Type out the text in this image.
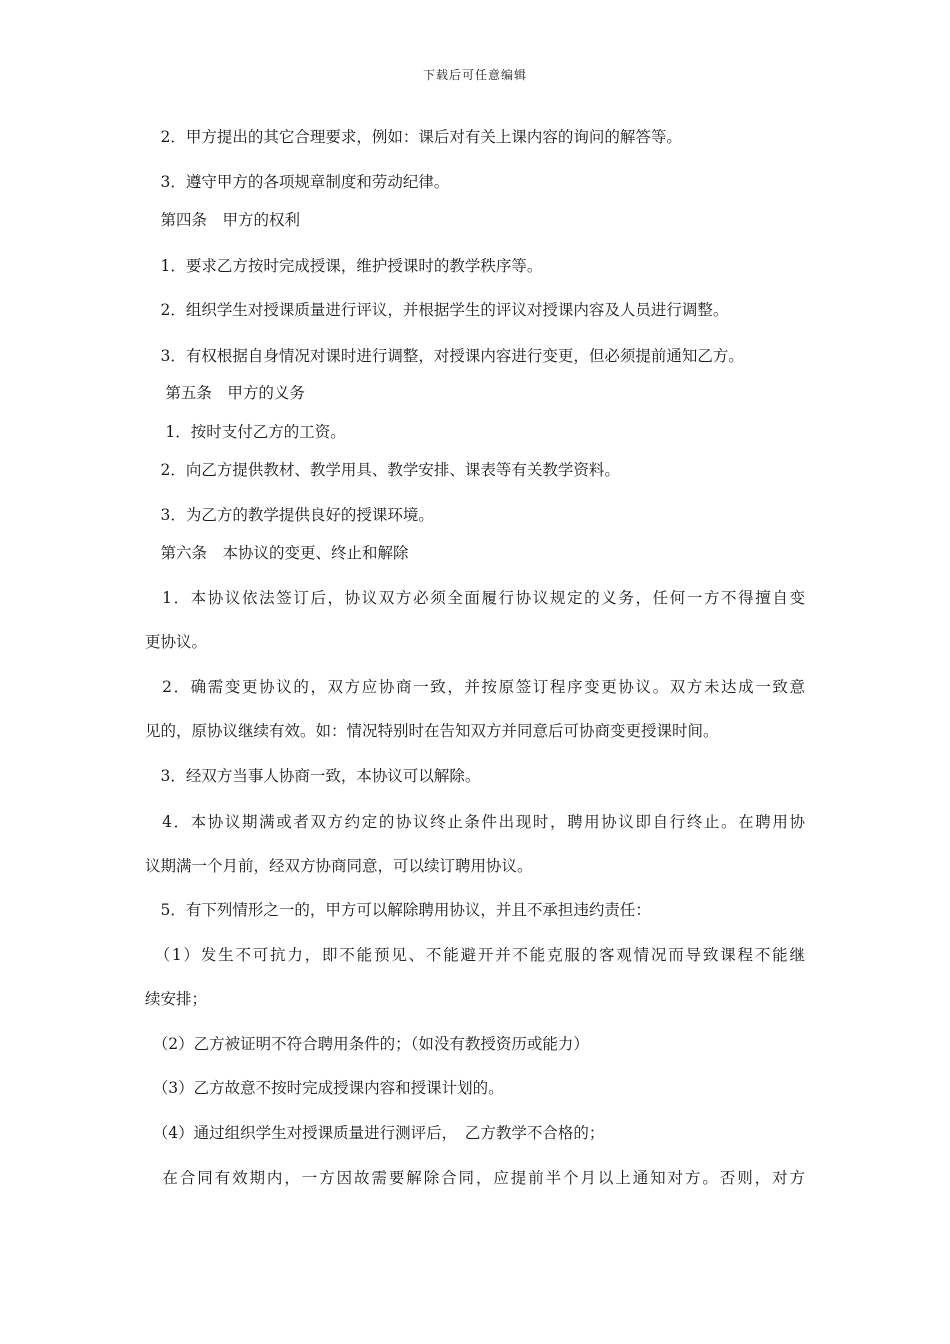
下载后可任意编辑
　2．甲方提出的其它合理要求，例如：课后对有关上课内容的询问的解答等。
　3．遵守甲方的各项规章制度和劳动纪律。
　第四条　甲方的权利
　1．要求乙方按时完成授课，维护授课时的教学秩序等。
　2．组织学生对授课质量进行评议，并根据学生的评议对授课内容及人员进行调整。
　3．有权根据自身情况对课时进行调整，对授课内容进行变更，但必须提前通知乙方。
　 第五条　甲方的义务
　 1．按时支付乙方的工资。
　2．向乙方提供教材、教学用具、教学安排、课表等有关教学资料。
　3．为乙方的教学提供良好的授课环境。
　第六条　本协议的变更、终止和解除
　1．本协议依法签订后，协议双方必须全面履行协议规定的义务，任何一方不得擅自变
更协议。
　2．确需变更协议的，双方应协商一致，并按原签订程序变更协议。双方未达成一致意
见的，原协议继续有效。如：情况特别时在告知双方并同意后可协商变更授课时间。
　3．经双方当事人协商一致，本协议可以解除。
　4．本协议期满或者双方约定的协议终止条件出现时，聘用协议即自行终止。在聘用协
议期满一个月前，经双方协商同意，可以续订聘用协议。
　5．有下列情形之一的，甲方可以解除聘用协议，并且不承担违约责任：
　（1）发生不可抗力，即不能预见、不能避开并不能克服的客观情况而导致课程不能继
续安排；
　（2）乙方被证明不符合聘用条件的；（如没有教授资历或能力）
　（3）乙方故意不按时完成授课内容和授课计划的。
　（4）通过组织学生对授课质量进行测评后，　乙方教学不合格的；
　在合同有效期内，一方因故需要解除合同，应提前半个月以上通知对方。否则，对方
